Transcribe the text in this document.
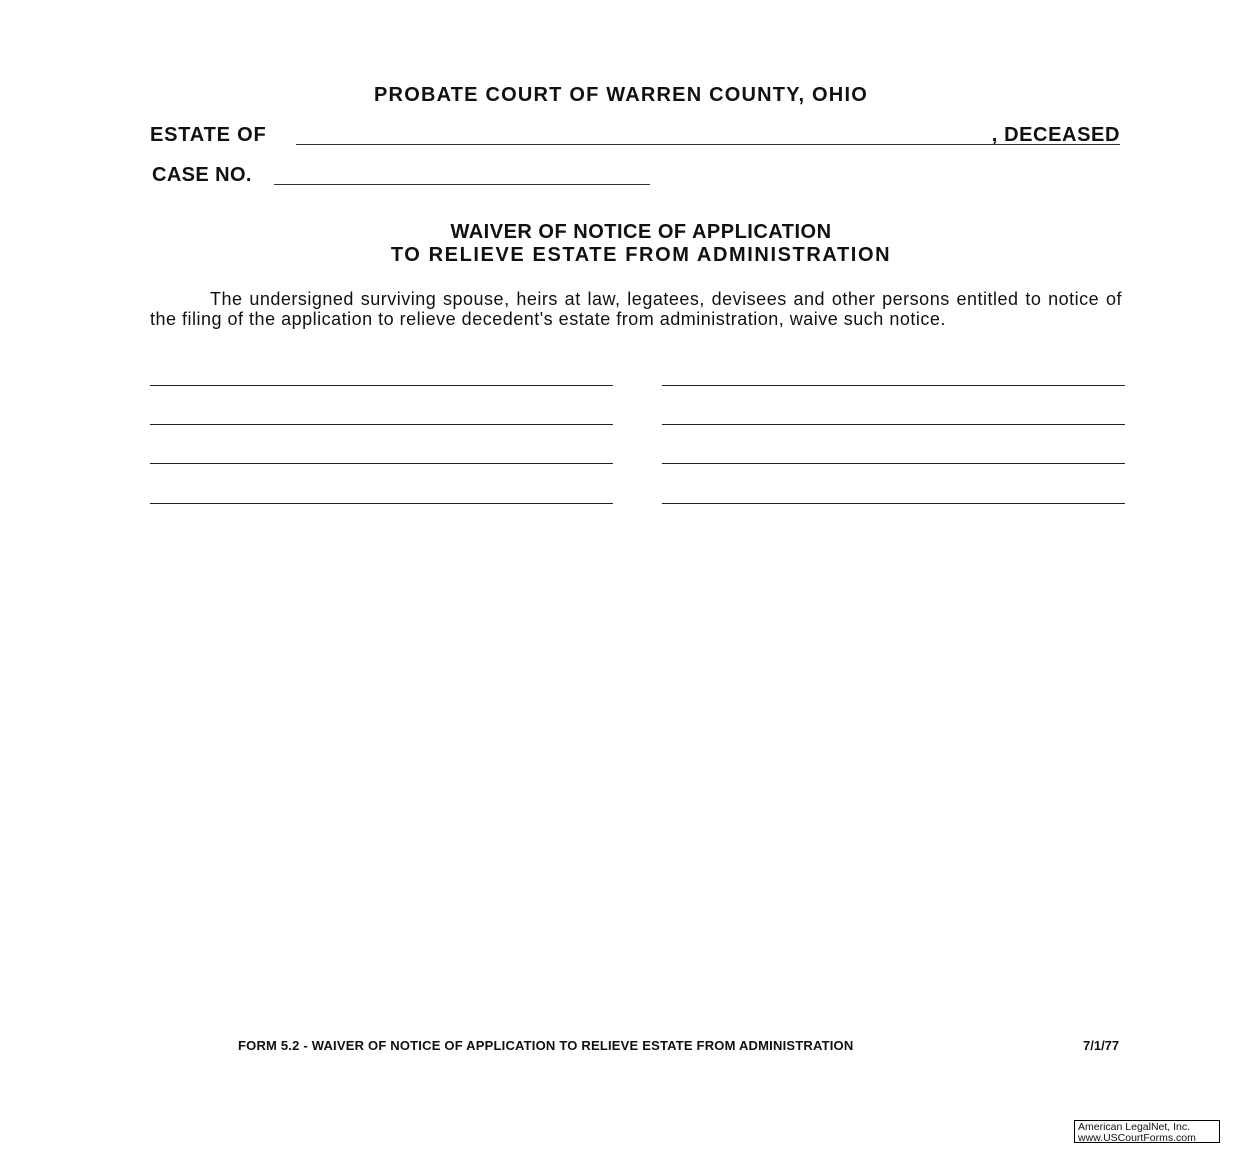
PROBATE COURT OF WARREN COUNTY, OHIO
ESTATE OF	, DECEASED
CASE NO.
WAIVER OF NOTICE OF APPLICATION
TO RELIEVE ESTATE FROM ADMINISTRATION
The undersigned surviving spouse, heirs at law, legatees, devisees and other persons entitled to notice of the filing of the application to relieve decedent's estate from administration, waive such notice.
FORM 5.2 - WAIVER OF NOTICE OF APPLICATION TO RELIEVE ESTATE FROM ADMINISTRATION	7/1/77
American LegalNet, Inc.
www.USCourtForms.com
